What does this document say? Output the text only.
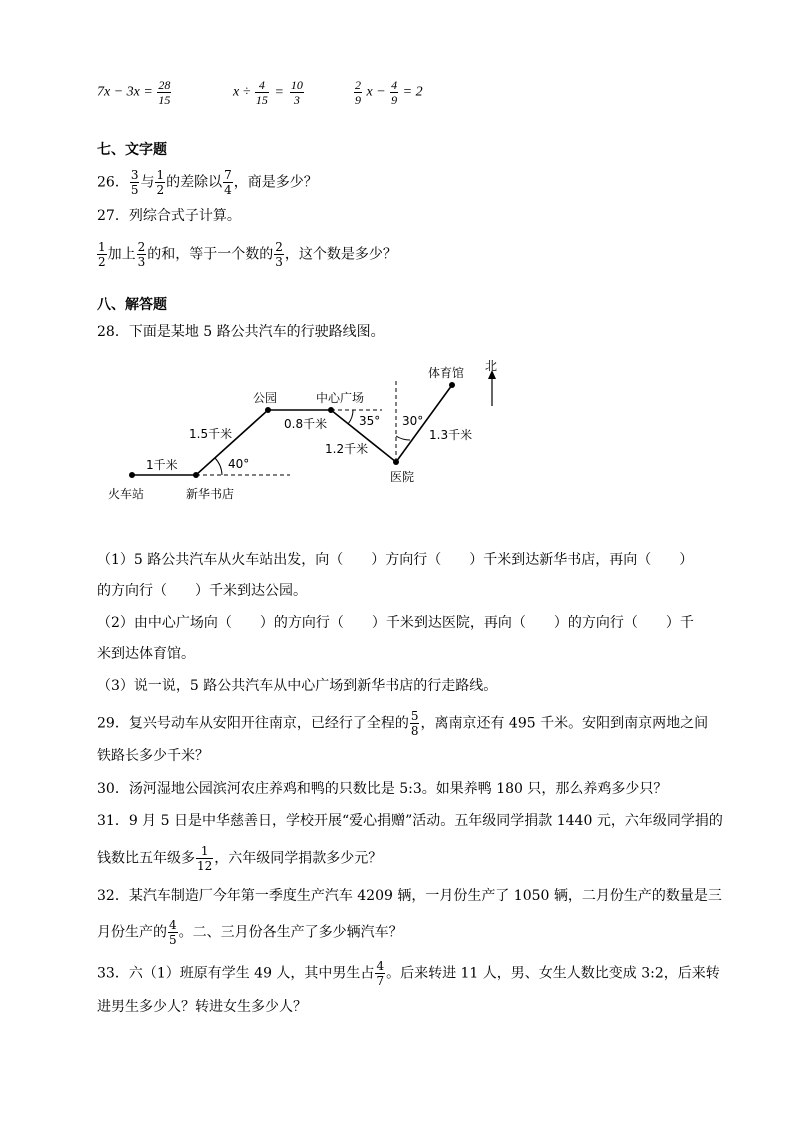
$7x - 3x = \frac{28}{15}$	$x \div \frac{4}{15} = \frac{10}{3}$	$\frac{2}{9}$ $x - \frac{4}{9} = 2$
七、文字题
26． $\frac{3}{5}$ 与 $\frac{1}{2}$ 的差除以 $\frac{7}{4}$ ，商是多少？
27．列综合式子计算。
$\frac{1}{2}$ 加上 $\frac{2}{3}$ 的和，等于一个数的 $\frac{2}{3}$ ，这个数是多少？
八、解答题
28．下面是某地 5 路公共汽车的行驶路线图。
北
火车站	新华书店
公园	中心广场
医院
体育馆
1千米
1.5千米
0.8千米
1.2千米
1.3千米
40°
35° 30°
（1）5 路公共汽车从火车站出发，向（　　）方向行（　　）千米到达新华书店，再向（　　）
的方向行（　　）千米到达公园。
（2）由中心广场向（　　）的方向行（　　）千米到达医院，再向（　　）的方向行（　　）千
米到达体育馆。
（3）说一说，5 路公共汽车从中心广场到新华书店的行走路线。
29．复兴号动车从安阳开往南京，已经行了全程的 $\frac{5}{8}$ ，离南京还有 495 千米。安阳到南京两地之间
铁路长多少千米？
30．汤河湿地公园滨河农庄养鸡和鸭的只数比是 5:3。如果养鸭 180 只，那么养鸡多少只？
31．9 月 5 日是中华慈善日，学校开展“爱心捐赠”活动。五年级同学捐款 1440 元，六年级同学捐的
钱数比五年级多 $\frac{1}{12}$ ，六年级同学捐款多少元？
32．某汽车制造厂今年第一季度生产汽车 4209 辆，一月份生产了 1050 辆，二月份生产的数量是三
月份生产的 $\frac{4}{5}$ 。二、三月份各生产了多少辆汽车？
33．六（1）班原有学生 49 人，其中男生占 $\frac{4}{7}$ 。后来转进 11 人，男、女生人数比变成 3:2，后来转
进男生多少人？转进女生多少人？
